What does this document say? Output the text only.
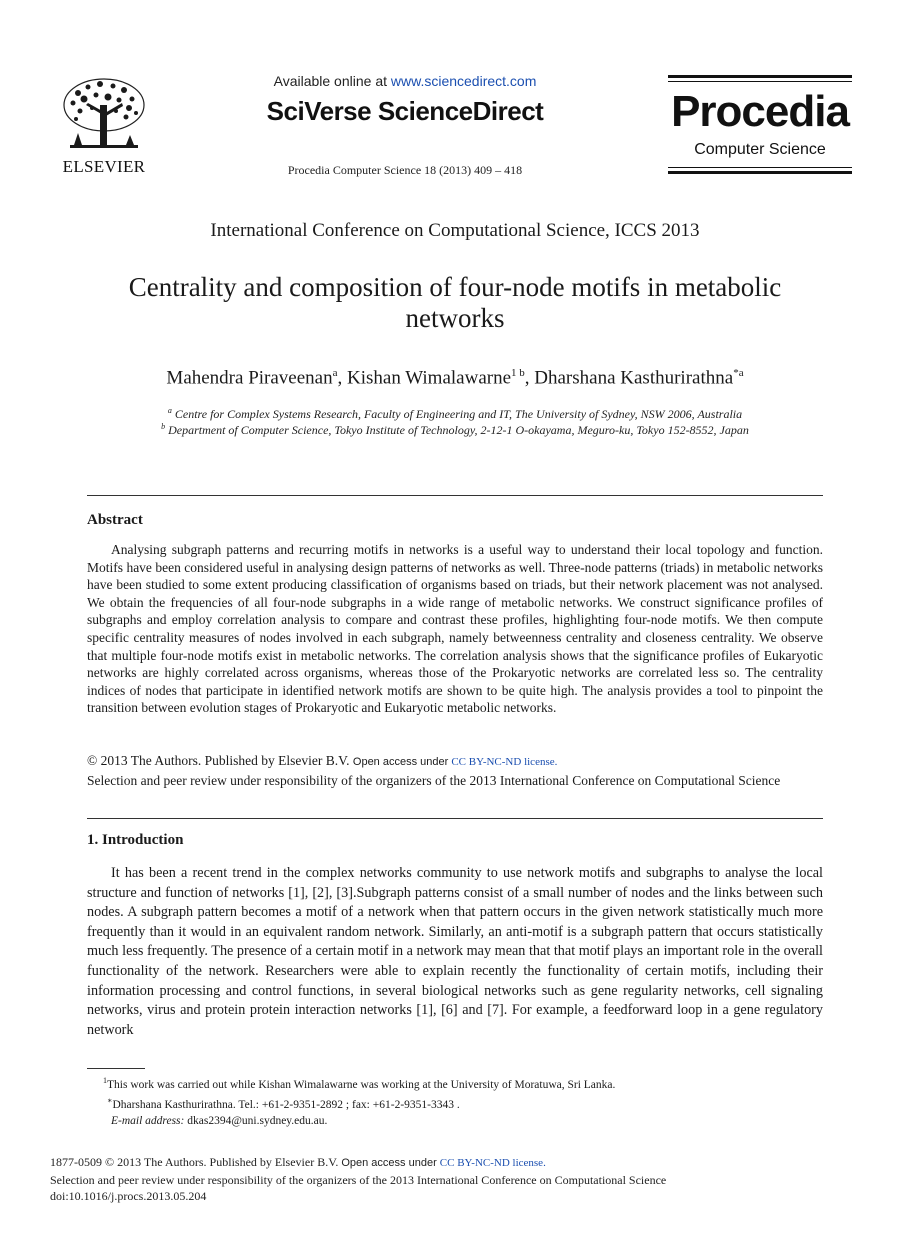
ELSEVIER
Available online at www.sciencedirect.com
SciVerse ScienceDirect
Procedia Computer Science 18 (2013) 409 – 418
Procedia
Computer Science
International Conference on Computational Science, ICCS 2013
Centrality and composition of four-node motifs in metabolic networks
Mahendra Piraveenan$^a$, Kishan Wimalawarne$^{1 b}$, Dharshana Kasthurirathna$^{*a}$
$^a$ Centre for Complex Systems Research, Faculty of Engineering and IT, The University of Sydney, NSW 2006, Australia
$^b$ Department of Computer Science, Tokyo Institute of Technology, 2-12-1 O-okayama, Meguro-ku, Tokyo 152-8552, Japan
Abstract
Analysing subgraph patterns and recurring motifs in networks is a useful way to understand their local topology and function. Motifs have been considered useful in analysing design patterns of networks as well. Three-node patterns (triads) in metabolic networks have been studied to some extent producing classification of organisms based on triads, but their network placement was not analysed. We obtain the frequencies of all four-node subgraphs in a wide range of metabolic networks. We construct significance profiles of subgraphs and employ correlation analysis to compare and contrast these profiles, highlighting four-node motifs. We then compute specific centrality measures of nodes involved in each subgraph, namely betweenness centrality and closeness centrality. We observe that multiple four-node motifs exist in metabolic networks. The correlation analysis shows that the significance profiles of Eukaryotic networks are highly correlated across organisms, whereas those of the Prokaryotic networks are correlated less so. The centrality indices of nodes that participate in identified network motifs are shown to be quite high. The analysis provides a tool to pinpoint the transition between evolution stages of Prokaryotic and Eukaryotic metabolic networks.
© 2013 The Authors. Published by Elsevier B.V. Open access under CC BY-NC-ND license.
Selection and peer review under responsibility of the organizers of the 2013 International Conference on Computational Science
1. Introduction
It has been a recent trend in the complex networks community to use network motifs and subgraphs to analyse the local structure and function of networks [1], [2], [3].Subgraph patterns consist of a small number of nodes and the links between such nodes. A subgraph pattern becomes a motif of a network when that pattern occurs in the given network statistically much more frequently than it would in an equivalent random network. Similarly, an anti-motif is a subgraph pattern that occurs statistically much less frequently. The presence of a certain motif in a network may mean that that motif plays an important role in the overall functionality of the network. Researchers were able to explain recently the functionality of certain motifs, including their information processing and control functions, in several biological networks such as gene regularity networks, cell signaling networks, virus and protein protein interaction networks [1], [6] and [7]. For example, a feedforward loop in a gene regulatory network
$^1$This work was carried out while Kishan Wimalawarne was working at the University of Moratuwa, Sri Lanka.
∗Dharshana Kasthurirathna. Tel.: +61-2-9351-2892 ; fax: +61-2-9351-3343 .
E-mail address: dkas2394@uni.sydney.edu.au.
1877-0509 © 2013 The Authors. Published by Elsevier B.V. Open access under CC BY-NC-ND license.
Selection and peer review under responsibility of the organizers of the 2013 International Conference on Computational Science
doi:10.1016/j.procs.2013.05.204
